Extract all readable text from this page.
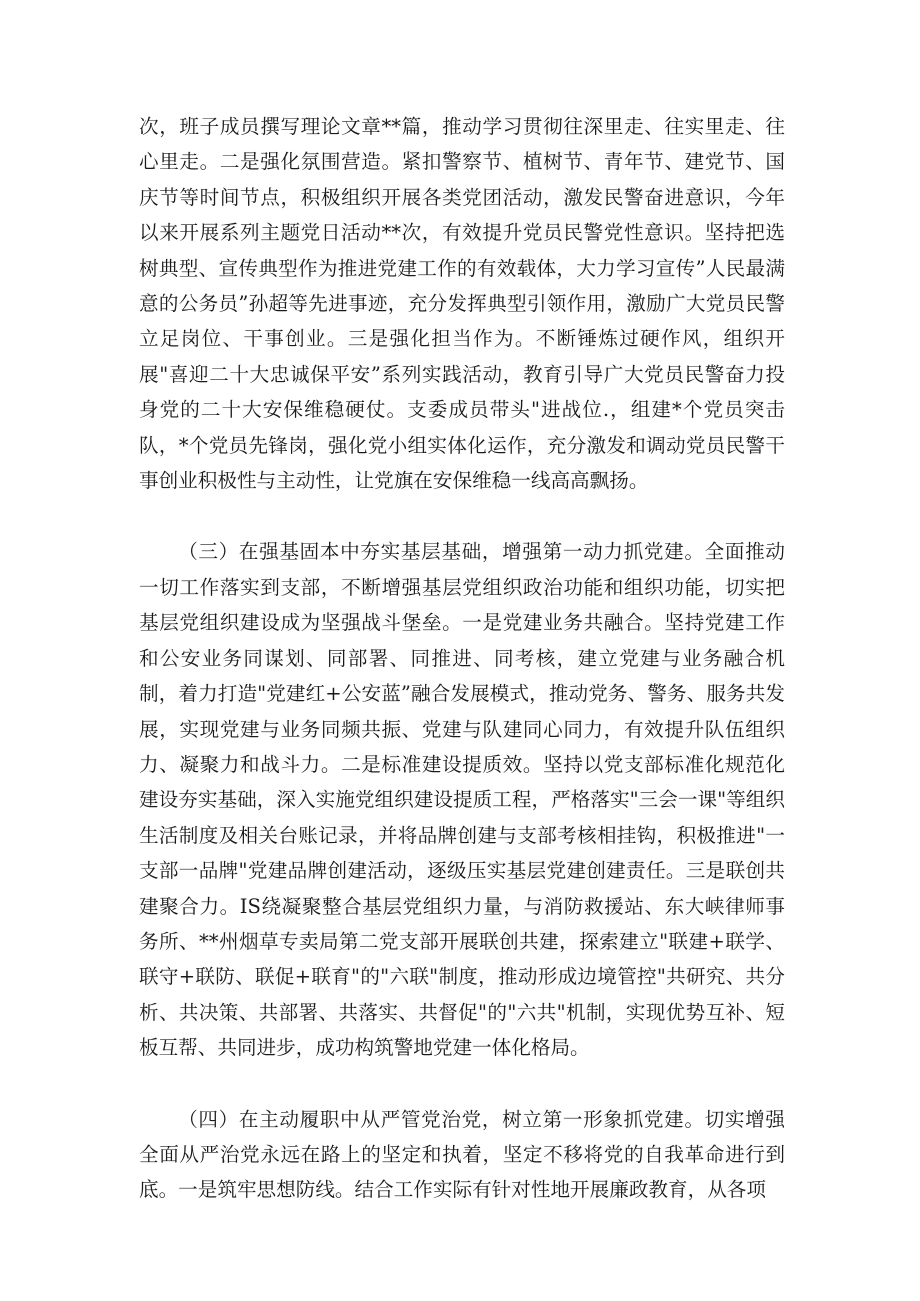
次，班子成员撰写理论文章**篇，推动学习贯彻往深里走、往实里走、往心里走。二是强化氛围营造。紧扣警察节、植树节、青年节、建党节、国庆节等时间节点，积极组织开展各类党团活动，激发民警奋进意识，今年以来开展系列主题党日活动**次，有效提升党员民警党性意识。坚持把选树典型、宣传典型作为推进党建工作的有效载体，大力学习宣传”人民最满意的公务员”孙超等先进事迹，充分发挥典型引领作用，激励广大党员民警立足岗位、干事创业。三是强化担当作为。不断锤炼过硬作风，组织开展"喜迎二十大忠诚保平安”系列实践活动，教育引导广大党员民警奋力投身党的二十大安保维稳硬仗。支委成员带头"进战位.，组建*个党员突击队，*个党员先锋岗，强化党小组实体化运作，充分激发和调动党员民警干事创业积极性与主动性，让党旗在安保维稳一线高高飘扬。

（三）在强基固本中夯实基层基础，增强第一动力抓党建。全面推动一切工作落实到支部，不断增强基层党组织政治功能和组织功能，切实把基层党组织建设成为坚强战斗堡垒。一是党建业务共融合。坚持党建工作和公安业务同谋划、同部署、同推进、同考核，建立党建与业务融合机制，着力打造"党建红+公安蓝”融合发展模式，推动党务、警务、服务共发展，实现党建与业务同频共振、党建与队建同心同力，有效提升队伍组织力、凝聚力和战斗力。二是标准建设提质效。坚持以党支部标准化规范化建设夯实基础，深入实施党组织建设提质工程，严格落实"三会一课"等组织生活制度及相关台账记录，并将品牌创建与支部考核相挂钩，积极推进"一支部一品牌"党建品牌创建活动，逐级压实基层党建创建责任。三是联创共建聚合力。IS绕凝聚整合基层党组织力量，与消防救援站、东大峡律师事务所、**州烟草专卖局第二党支部开展联创共建，探索建立"联建+联学、联守+联防、联促+联育"的"六联"制度，推动形成边境管控"共研究、共分析、共决策、共部署、共落实、共督促"的"六共"机制，实现优势互补、短板互帮、共同进步，成功构筑警地党建一体化格局。

（四）在主动履职中从严管党治党，树立第一形象抓党建。切实增强全面从严治党永远在路上的坚定和执着，坚定不移将党的自我革命进行到底。一是筑牢思想防线。结合工作实际有针对性地开展廉政教育，从各项
